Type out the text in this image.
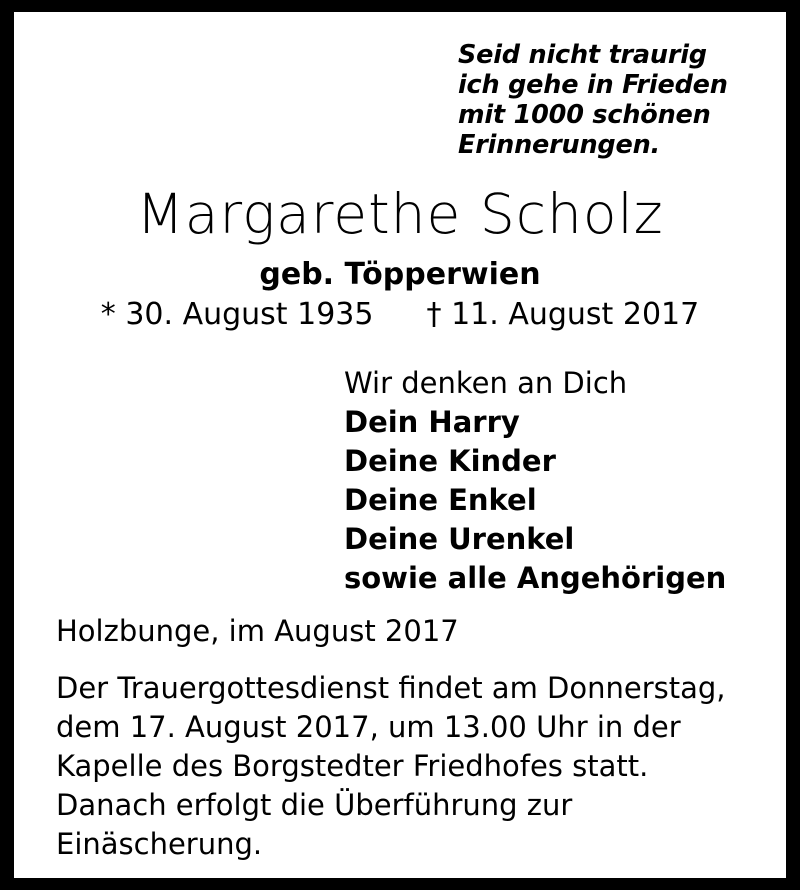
Seid nicht traurig
ich gehe in Frieden
mit 1000 schönen
Erinnerungen.
Margarethe Scholz
geb. Töpperwien
* 30. August 1935 † 11. August 2017
Wir denken an Dich
Dein Harry
Deine Kinder
Deine Enkel
Deine Urenkel
sowie alle Angehörigen
Holzbunge, im August 2017
Der Trauergottesdienst findet am Donnerstag,
dem 17. August 2017, um 13.00 Uhr in der
Kapelle des Borgstedter Friedhofes statt.
Danach erfolgt die Überführung zur
Einäscherung.
